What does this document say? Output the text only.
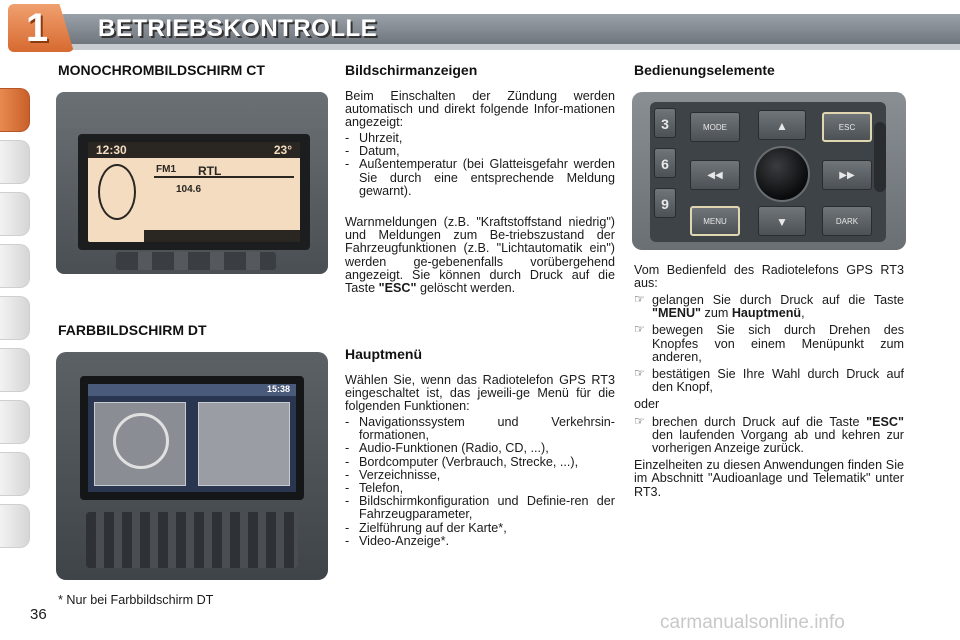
1 BETRIEBSKONTROLLE
MONOCHROMBILDSCHIRM CT
12:30	23°
FM1 RTL
104.6
FARBBILDSCHIRM DT
15:38
* Nur bei Farbbildschirm DT
36
Bildschirmanzeigen
Beim Einschalten der Zündung werden automatisch und direkt folgende Infor-mationen angezeigt:
- Uhrzeit,
- Datum,
- Außentemperatur (bei Glatteisgefahr werden Sie durch eine entsprechende Meldung gewarnt).
Warnmeldungen (z.B. "Kraftstoffstand niedrig") und Meldungen zum Be-triebszustand der Fahrzeugfunktionen (z.B. "Lichtautomatik ein") werden ge-gebenenfalls vorübergehend angezeigt. Sie können durch Druck auf die Taste "ESC" gelöscht werden.
Hauptmenü
Wählen Sie, wenn das Radiotelefon GPS RT3 eingeschaltet ist, das jeweili-ge Menü für die folgenden Funktionen:
- Navigationssystem und Verkehrsin-formationen,
- Audio-Funktionen (Radio, CD, ...),
- Bordcomputer (Verbrauch, Strecke, ...),
- Verzeichnisse,
- Telefon,
- Bildschirmkonfiguration und Definie-ren der Fahrzeugparameter,
- Zielführung auf der Karte*,
- Video-Anzeige*.
Bedienungselemente
3
6
9
MODE	▲	ESC
◀◀	▶▶
MENU	▼	DARK
Vom Bedienfeld des Radiotelefons GPS RT3 aus:
☞ gelangen Sie durch Druck auf die Taste "MENU" zum Hauptmenü,
☞ bewegen Sie sich durch Drehen des Knopfes von einem Menüpunkt zum anderen,
☞ bestätigen Sie Ihre Wahl durch Druck auf den Knopf,
oder
☞ brechen durch Druck auf die Taste "ESC" den laufenden Vorgang ab und kehren zur vorherigen Anzeige zurück.
Einzelheiten zu diesen Anwendungen finden Sie im Abschnitt "Audioanlage und Telematik" unter RT3.
carmanualsonline.info
